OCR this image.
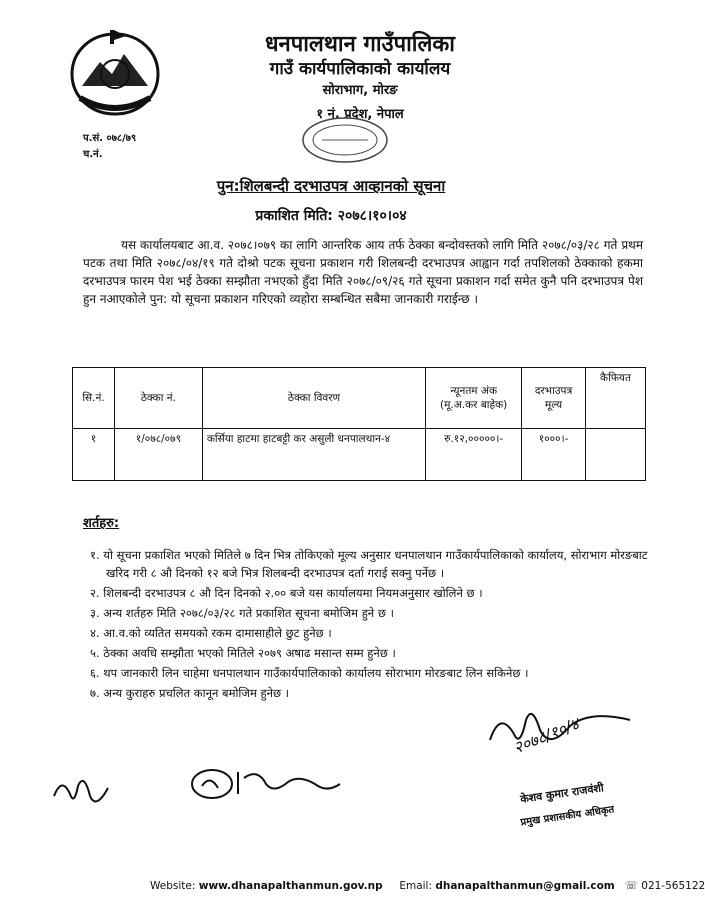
धनपालथान गाउँपालिका
गाउँ कार्यपालिकाको कार्यालय
सोराभाग, मोरङ
१ नं. प्रदेश, नेपाल
प.सं. ०७८/७९
च.नं.
पुन:शिलबन्दी दरभाउपत्र आव्हानको सूचना
प्रकाशित मिति: २०७८।१०।०४
यस कार्यालयबाट आ.व. २०७८।०७९ का लागि आन्तरिक आय तर्फ ठेक्का बन्दोवस्तको लागि मिति २०७८/०३/२८ गते प्रथम पटक तथा मिति २०७८/०४/१९ गते दोश्रो पटक सूचना प्रकाशन गरी शिलबन्दी दरभाउपत्र आह्वान गर्दा तपशिलको ठेक्काको हकमा दरभाउपत्र फारम पेश भई ठेक्का सम्झौता नभएको हुँदा मिति २०७८/०९/२६ गते सूचना प्रकाशन गर्दा समेत कुनै पनि दरभाउपत्र पेश हुन नआएकोले पुन: यो सूचना प्रकाशन गरिएको व्यहोरा सम्बन्धित सबैमा जानकारी गराईन्छ ।
सि.नं.	ठेक्का नं.	ठेक्का विवरण	न्यूनतम अंक (मू.अ.कर बाहेक)	दरभाउपत्र मूल्य	कैफियत
१	१/०७८/०७९	कर्सिया हाटमा हाटबट्टी कर असुली धनपालथान-४	रु.१२,०००००।-	१०००।-	
शर्तहरु:
१. यो सूचना प्रकाशित भएको मितिले ७ दिन भित्र तोकिएको मूल्य अनुसार धनपालथान गाउँकार्यपालिकाको कार्यालय, सोराभाग मोरङबाट खरिद गरी ८ औ दिनको १२ बजे भित्र शिलबन्दी दरभाउपत्र दर्ता गराई सक्नु पर्नेछ ।
२. शिलबन्दी दरभाउपत्र ८ औ दिन दिनको २.०० बजे यस कार्यालयमा नियमअनुसार खोलिने छ ।
३. अन्य शर्तहरु मिति २०७८/०३/२८ गते प्रकाशित सूचना बमोजिम हुने छ ।
४. आ.व.को व्यतित समयको रकम दामासाहीले छुट हुनेछ ।
५. ठेक्का अवधि सम्झौता भएको मितिले २०७९ अषाढ मसान्त सम्म हुनेछ ।
६. थप जानकारी लिन चाहेमा धनपालथान गाउँकार्यपालिकाको कार्यालय सोराभाग मोरङबाट लिन सकिनेछ ।
७. अन्य कुराहरु प्रचलित कानून बमोजिम हुनेछ ।
२०७८/१०/४
केशव कुमार राजवंशी
प्रमुख प्रशासकीय अधिकृत
Website: www.dhanapalthanmun.gov.np Email: dhanapalthanmun@gmail.com ☏ 021-565122
